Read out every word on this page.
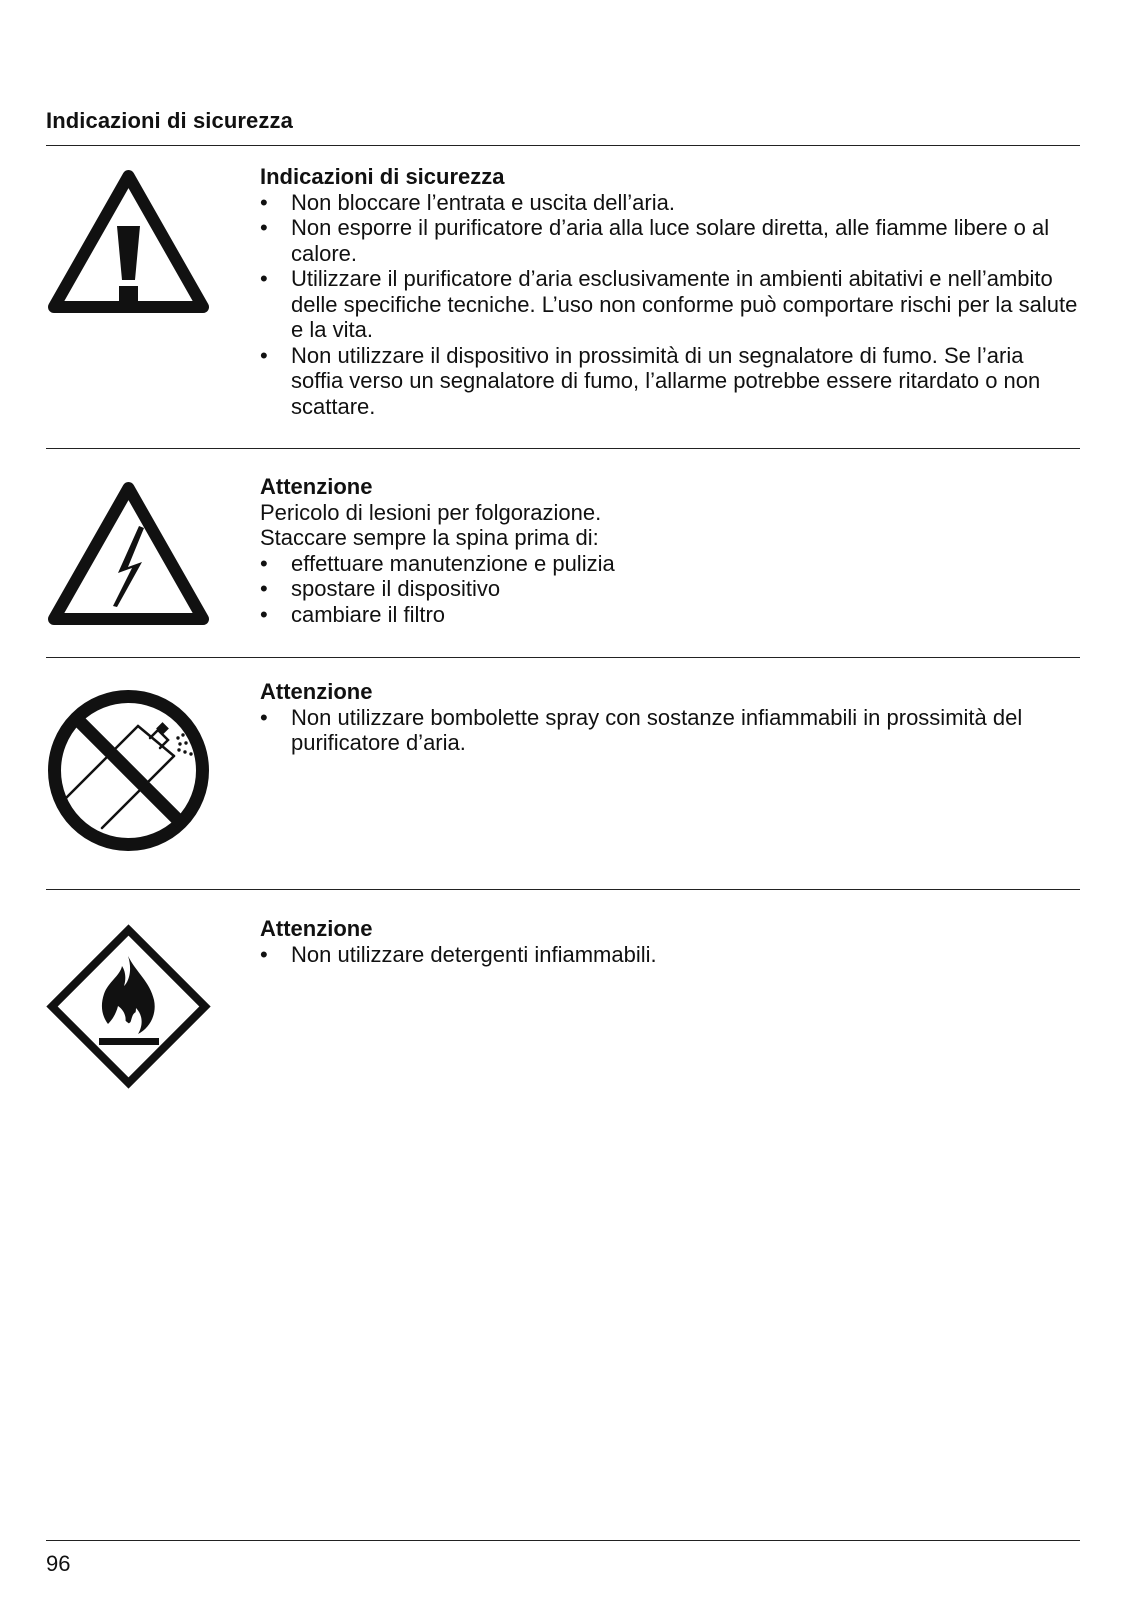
Indicazioni di sicurezza
Indicazioni di sicurezza
• Non bloccare l’entrata e uscita dell’aria.
• Non esporre il purificatore d’aria alla luce solare diretta, alle fiamme libere o al calore.
• Utilizzare il purificatore d’aria esclusivamente in ambienti abitativi e nell’ambito delle specifiche tecniche. L’uso non conforme può comportare rischi per la salute e la vita.
• Non utilizzare il dispositivo in prossimità di un segnalatore di fumo. Se l’aria soffia verso un segnalatore di fumo, l’allarme potrebbe essere ritardato o non scattare.
Attenzione

Pericolo di lesioni per folgorazione.

Staccare sempre la spina prima di:

• effettuare manutenzione e pulizia
• spostare il dispositivo
• cambiare il filtro
Attenzione
• Non utilizzare bombolette spray con sostanze infiammabili in prossimità del purificatore d’aria.
Attenzione
• Non utilizzare detergenti infiammabili.
96
